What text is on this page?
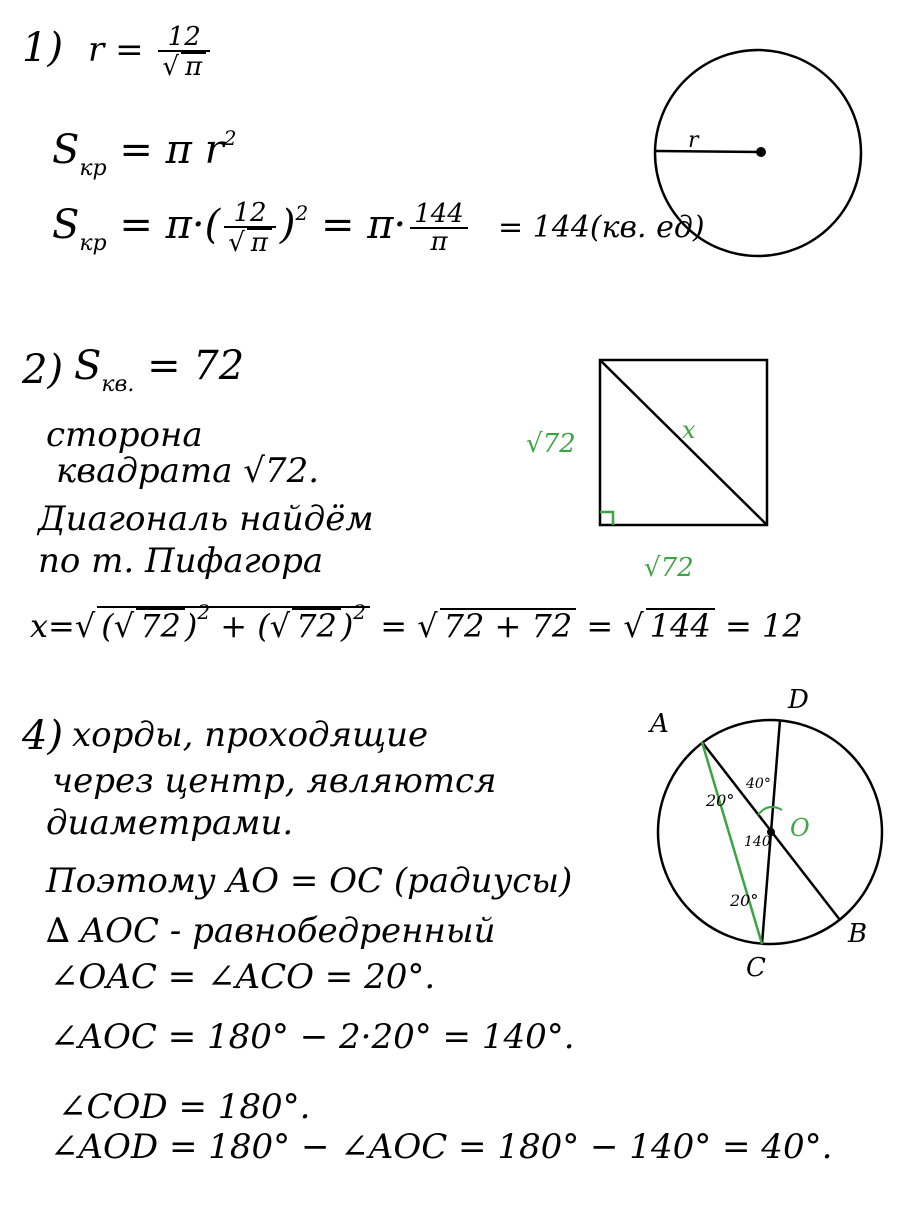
1) r = 12
√ π
$S_{кр} = \pi$ $r^2$
$S_{кр} = \pi\cdot$( 12
√ π )$^2 = \pi\cdot \frac{144}{\pi} = 144(кв$. ед)
r
2) $S_{кв.} = 72$
сторона
квадрата √72.
Диагональ найдём
по т. Пифагора
x= √ ( √ 72 )$^2$ + ( √ 72 )$^2$ = √ 72 + 72 = √ 144 = 12
x
√72
√72
4) хорды, проходящие
через центр, являются
диаметрами.
Поэтому AO = OC (радиусы)
∆ AOC - равнобедренный
∠OAC = ∠ACO = 20°.
∠AOC = 180° − 2·20° = 140°.
∠COD = 180°.
∠AOD = 180° − ∠AOC = 180° − 140° = 40°.
A
D
O
B
C
40°
20°
140
20°
